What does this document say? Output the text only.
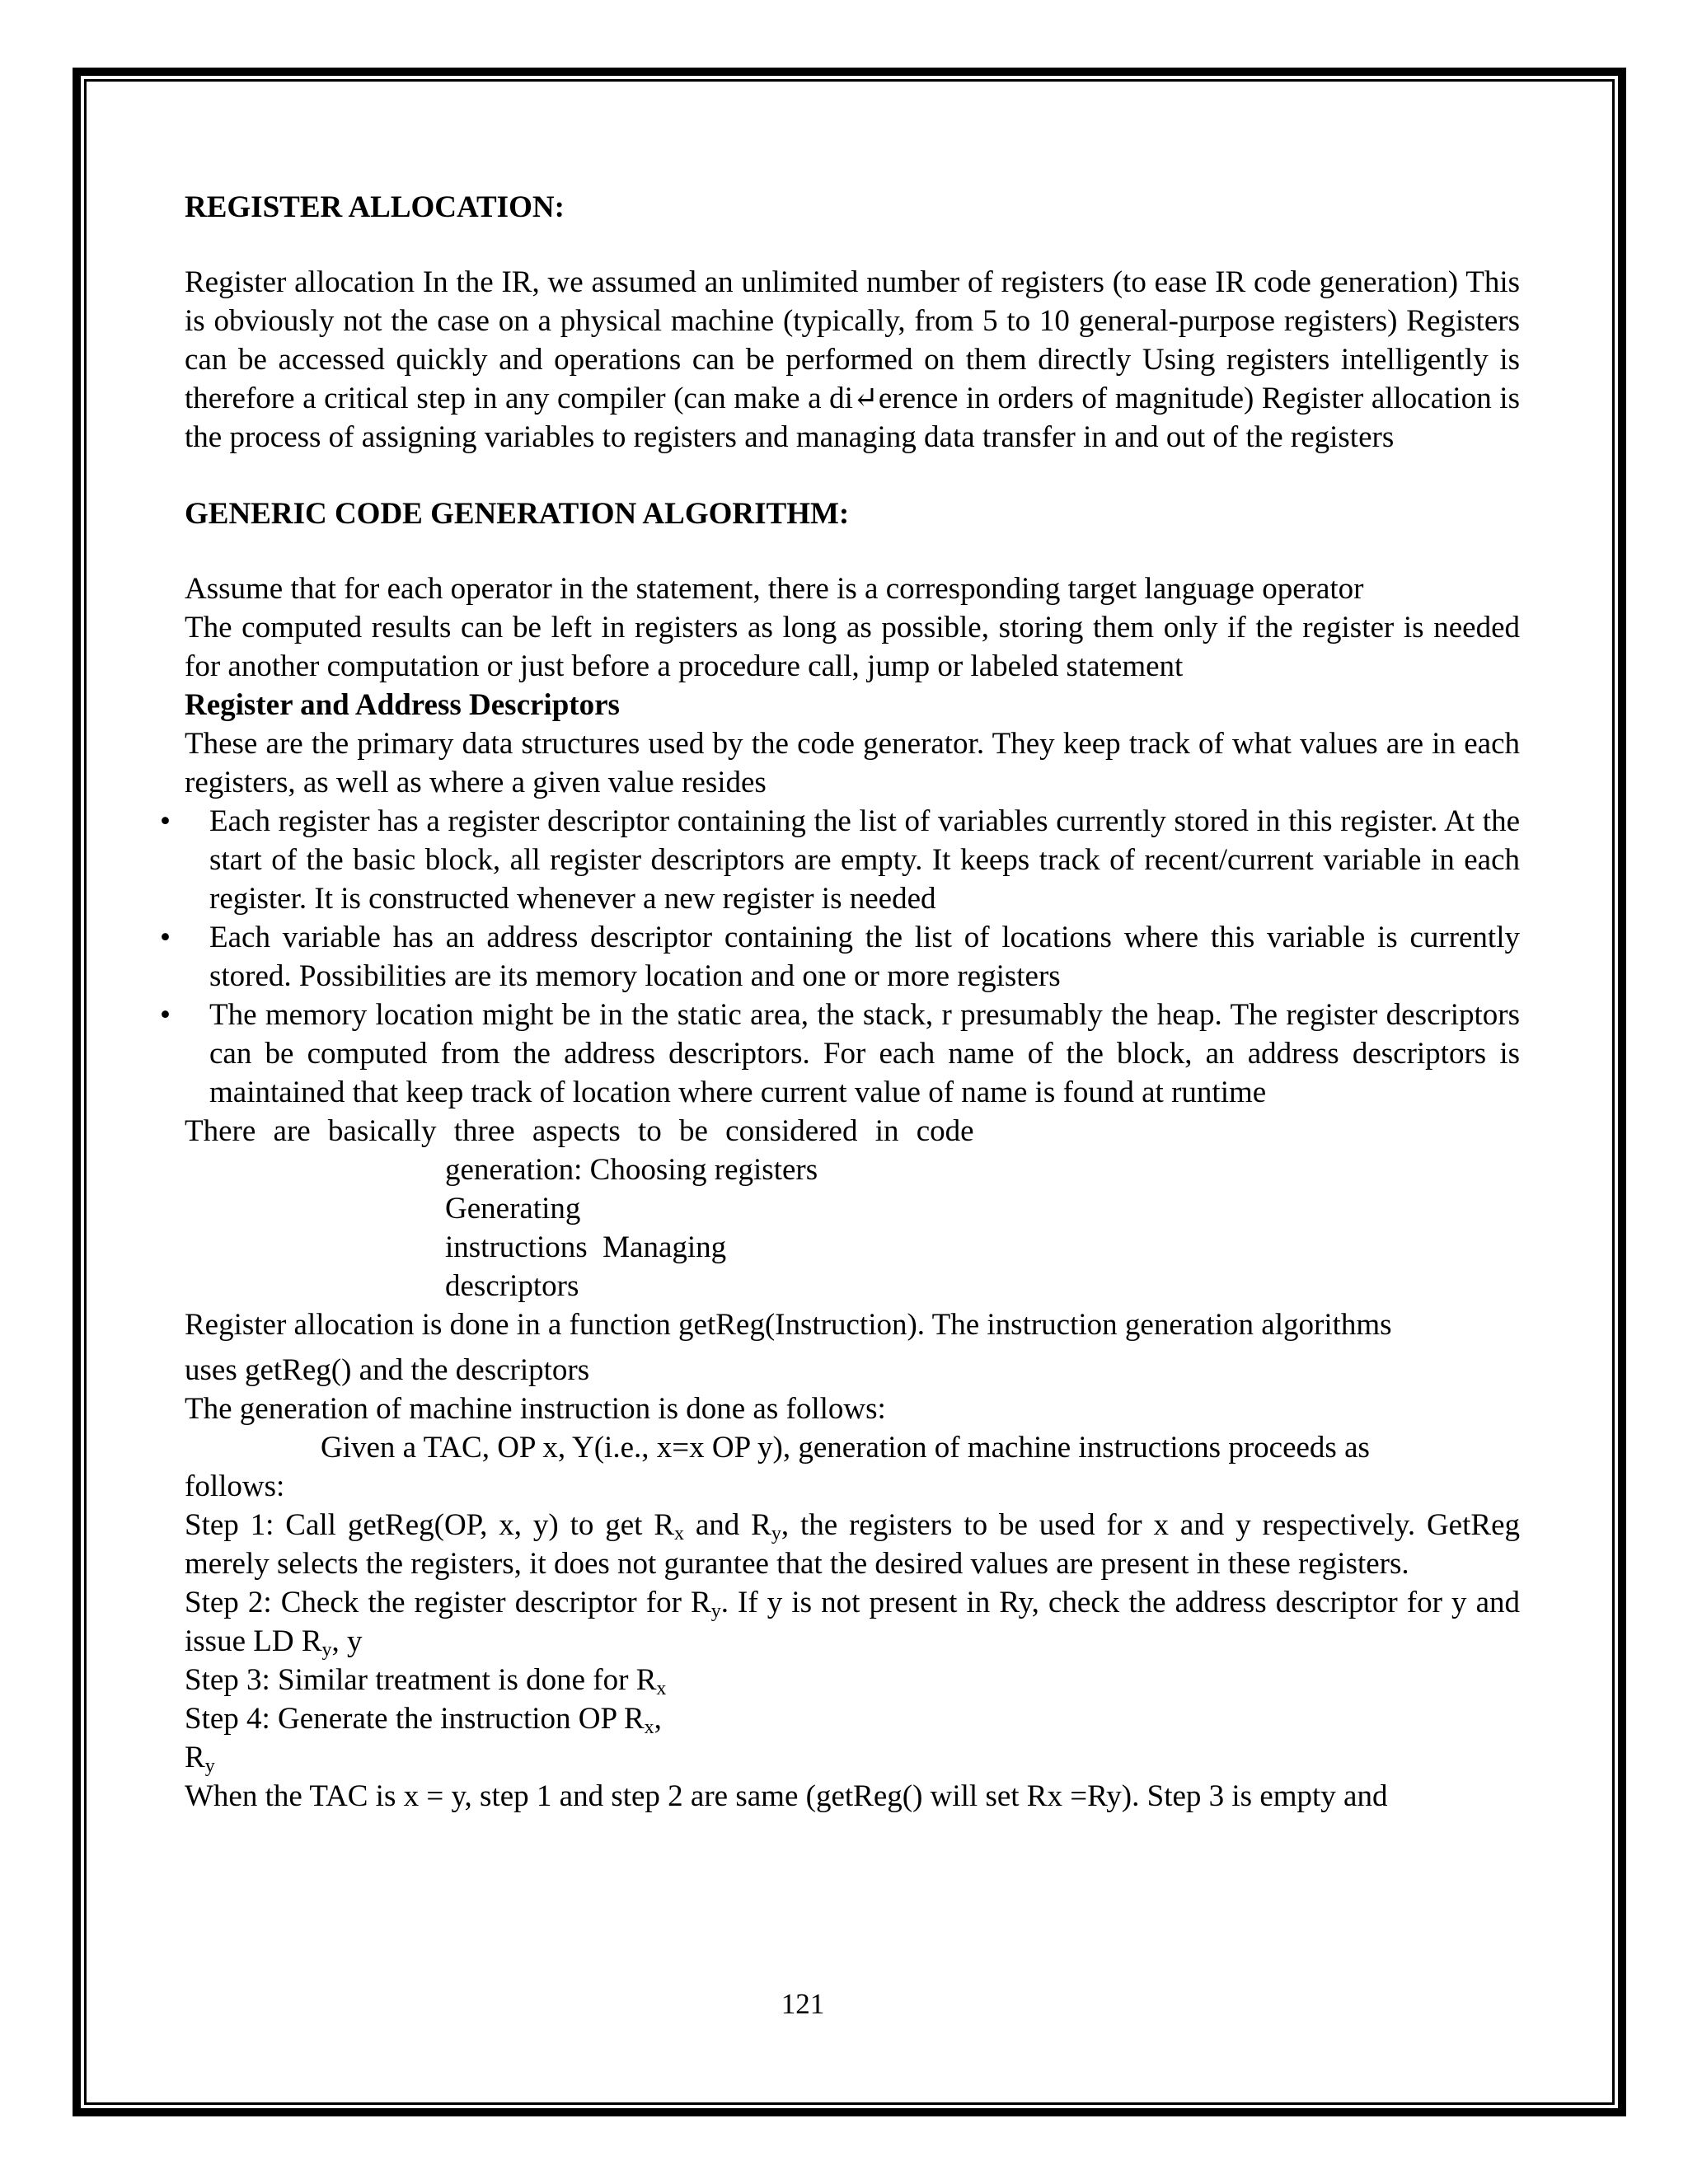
REGISTER ALLOCATION:

Register allocation In the IR, we assumed an unlimited number of registers (to ease IR code generation) This is obviously not the case on a physical machine (typically, from 5 to 10 general-purpose registers) Registers can be accessed quickly and operations can be performed on them directly Using registers intelligently is therefore a critical step in any compiler (can make a di↵erence in orders of magnitude) Register allocation is the process of assigning variables to registers and managing data transfer in and out of the registers

GENERIC CODE GENERATION ALGORITHM:

Assume that for each operator in the statement, there is a corresponding target language operator

The computed results can be left in registers as long as possible, storing them only if the register is needed for another computation or just before a procedure call, jump or labeled statement

Register and Address Descriptors

These are the primary data structures used by the code generator. They keep track of what values are in each registers, as well as where a given value resides

• Each register has a register descriptor containing the list of variables currently stored in this register. At the start of the basic block, all register descriptors are empty. It keeps track of recent/current variable in each register. It is constructed whenever a new register is needed
• Each variable has an address descriptor containing the list of locations where this variable is currently stored. Possibilities are its memory location and one or more registers
• The memory location might be in the static area, the stack, r presumably the heap. The register descriptors can be computed from the address descriptors. For each name of the block, an address descriptors is maintained that keep track of location where current value of name is found at runtime

There are basically three aspects to be considered in code

generation: Choosing registers

Generating

instructions  Managing

descriptors

Register allocation is done in a function getReg(Instruction). The instruction generation algorithms

uses getReg() and the descriptors

The generation of machine instruction is done as follows:

Given a TAC, OP x, Y(i.e., x=x OP y), generation of machine instructions proceeds as

follows:

Step 1: Call getReg(OP, x, y) to get $R_x$ and $R_y$, the registers to be used for x and y respectively. GetReg merely selects the registers, it does not gurantee that the desired values are present in these registers.

Step 2: Check the register descriptor for $R_y$. If y is not present in Ry, check the address descriptor for y and issue LD $R_y$, y

Step 3: Similar treatment is done for $R_x$

Step 4: Generate the instruction OP $R_x$,

$R_y$

When the TAC is x = y, step 1 and step 2 are same (getReg() will set Rx =Ry). Step 3 is empty and

121
